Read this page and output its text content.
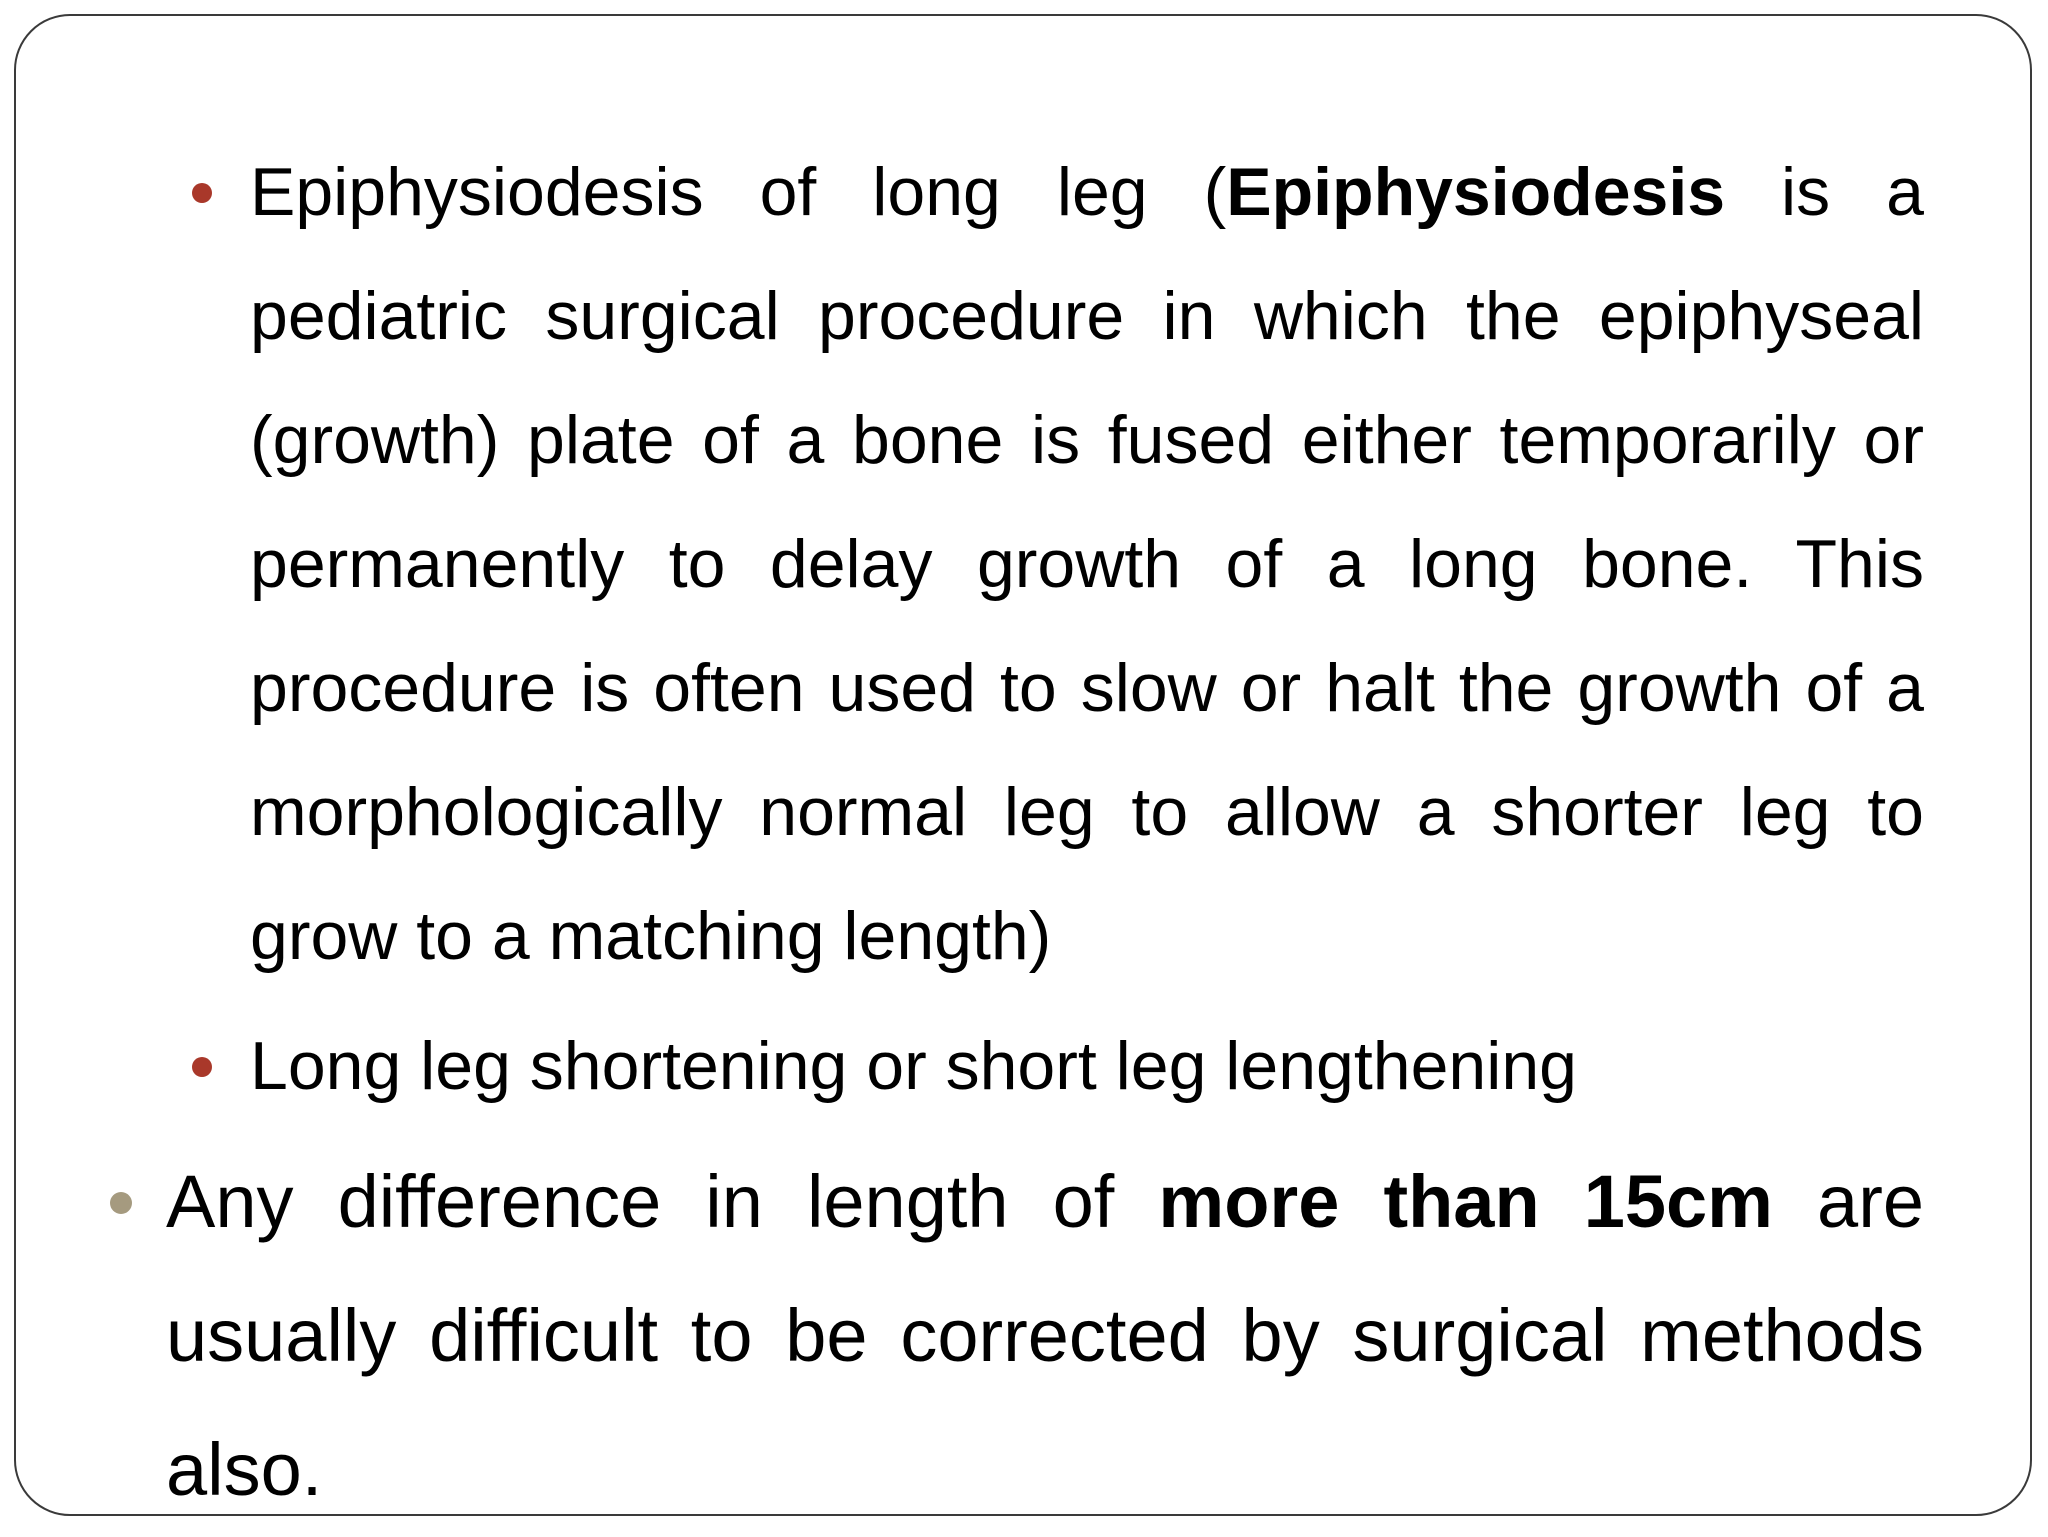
Epiphysiodesis of long leg (Epiphysiodesis is a pediatric surgical procedure in which the epiphyseal (growth) plate of a bone is fused either temporarily or permanently to delay growth of a long bone. This procedure is often used to slow or halt the growth of a morphologically normal leg to allow a shorter leg to grow to a matching length)
Long leg shortening or short leg lengthening
Any difference in length of more than 15cm are usually difficult to be corrected by surgical methods also.
